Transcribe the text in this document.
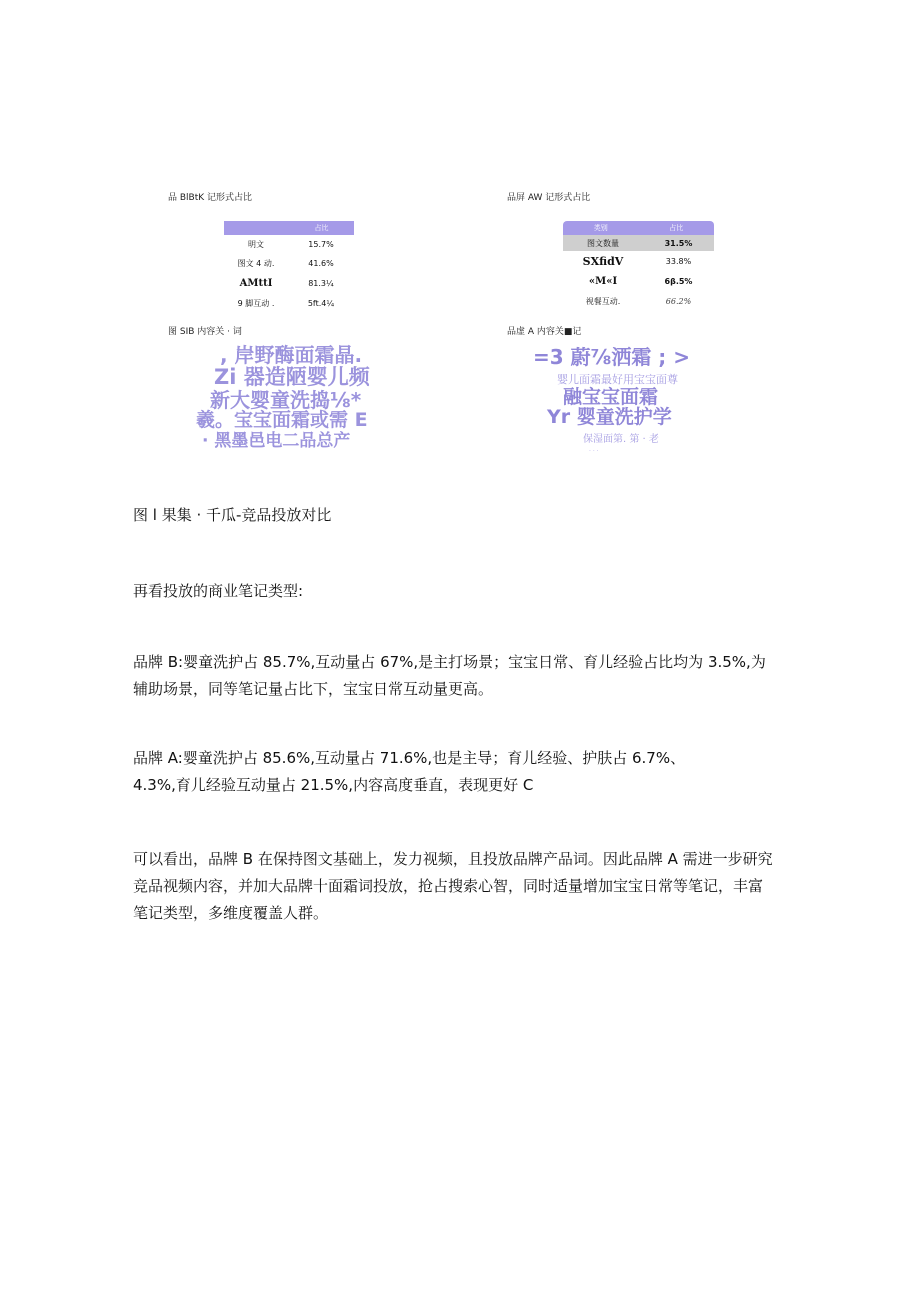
品 BlBtK 记形式占比
占比
明文	15.7%
图文 4 动.	41.6%
AMttI	81.3¼
9 脚互动 .	5ft.4¼
图 SIB 内容关 · 词
, 岸野酶面霜晶.
Zi 器造陋婴儿频
新大婴童洗捣⅛*
羲。宝宝面霜或需 E
· 黑墨邑电二品总产
品屏 AW 记形式占比
类别	占比
图文数量	31.5%
SXfidV	33.8%
«M«I	6β.5%
视餐互动.	66.2%
品虚 A 内容关■记
=3 蔚⅞洒霜 ; >
婴儿面霜最好用宝宝面尊
融宝宝面霜
Yr 婴童洗护学
保湿面第. 第 · 老
· · ·
图 l 果集 · 千瓜-竞品投放对比
再看投放的商业笔记类型:
品牌 B:婴童洗护占 85.7%,互动量占 67%,是主打场景；宝宝日常、育儿经验占比均为 3.5%,为
辅助场景，同等笔记量占比下，宝宝日常互动量更高。
品牌 A:婴童洗护占 85.6%,互动量占 71.6%,也是主导；育儿经验、护肤占 6.7%、
4.3%,育儿经验互动量占 21.5%,内容高度垂直，表现更好 C
可以看出，品牌 B 在保持图文基础上，发力视频，且投放品牌产品词。因此品牌 A 需进一步研究
竞品视频内容，并加大品牌十面霜词投放，抢占搜索心智，同时适量增加宝宝日常等笔记，丰富
笔记类型，多维度覆盖人群。
